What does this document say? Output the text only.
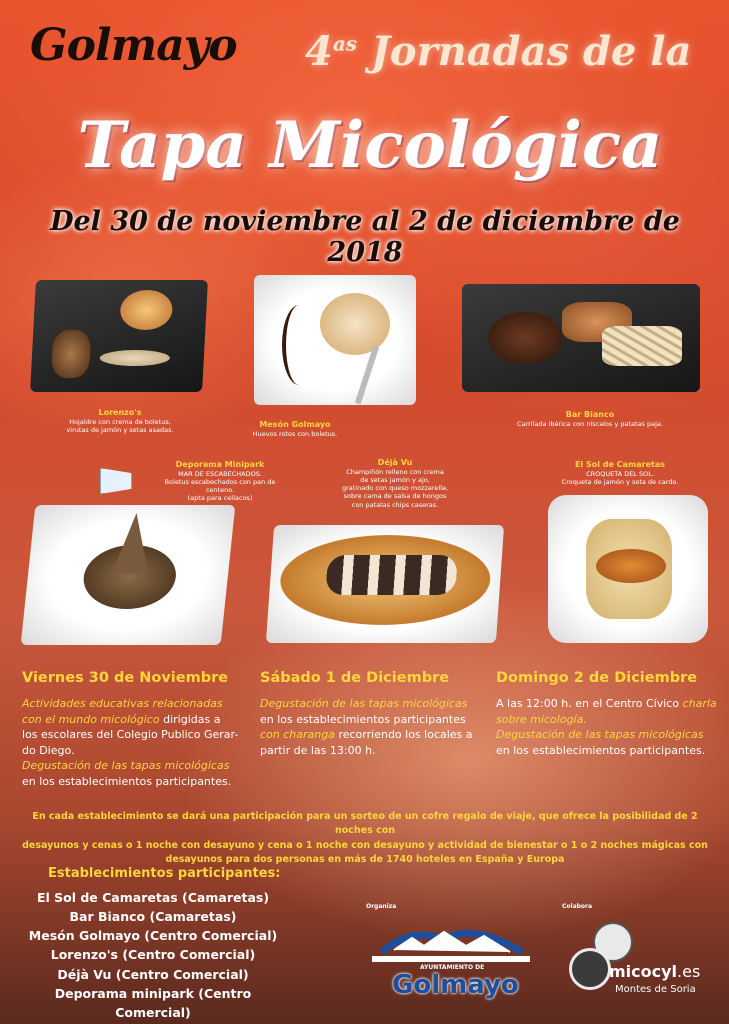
Golmayo $4^{as}$ Jornadas de la
Tapa Micológica
Del 30 de noviembre al 2 de diciembre de 2018
Lorenzo's
Hojaldre con crema de boletus,
virutas de jamón y setas asadas.
Mesón Golmayo
Huevos rotos con boletus.
Bar Bianco
Carrilada ibérica con níscalos y patatas paja.
Deporama Minipark
MAR DE ESCABECHADOS.
Boletus escabechados con pan de centeno.
(apta para celíacos)
Déjà Vu
Champiñón relleno con crema
de setas jamón y ajo,
gratinado con queso mozzarella,
sobre cama de salsa de hongos
con patatas chips caseras.
El Sol de Camaretas
CROQUETA DEL SOL.
Croqueta de jamón y seta de cardo.
Viernes 30 de Noviembre
Actividades educativas relacionadas
con el mundo micológico dirigidas a
los escolares del Colegio Publico Gerar-
do Diego.
Degustación de las tapas micológicas
en los establecimientos participantes.
Sábado 1 de Diciembre
Degustación de las tapas micológicas
en los establecimientos participantes
con charanga recorriendo los locales a
partir de las 13:00 h.
Domingo 2 de Diciembre
A las 12:00 h. en el Centro Cívico charla
sobre micología.
Degustación de las tapas micológicas
en los establecimientos participantes.
En cada establecimiento se dará una participación para un sorteo de un cofre regalo de viaje, que ofrece la posibilidad de 2 noches con
desayunos y cenas o 1 noche con desayuno y cena o 1 noche con desayuno y actividad de bienestar o 1 o 2 noches mágicas con
desayunos para dos personas en más de 1740 hoteles en España y Europa
Establecimientos participantes:
El Sol de Camaretas (Camaretas)
Bar Bianco (Camaretas)
Mesón Golmayo (Centro Comercial)
Lorenzo's (Centro Comercial)
Déjà Vu (Centro Comercial)
Deporama minipark (Centro Comercial)
Organiza	Colabora
AYUNTAMIENTO DE
Golmayo	micocyl.es
Montes de Soria
